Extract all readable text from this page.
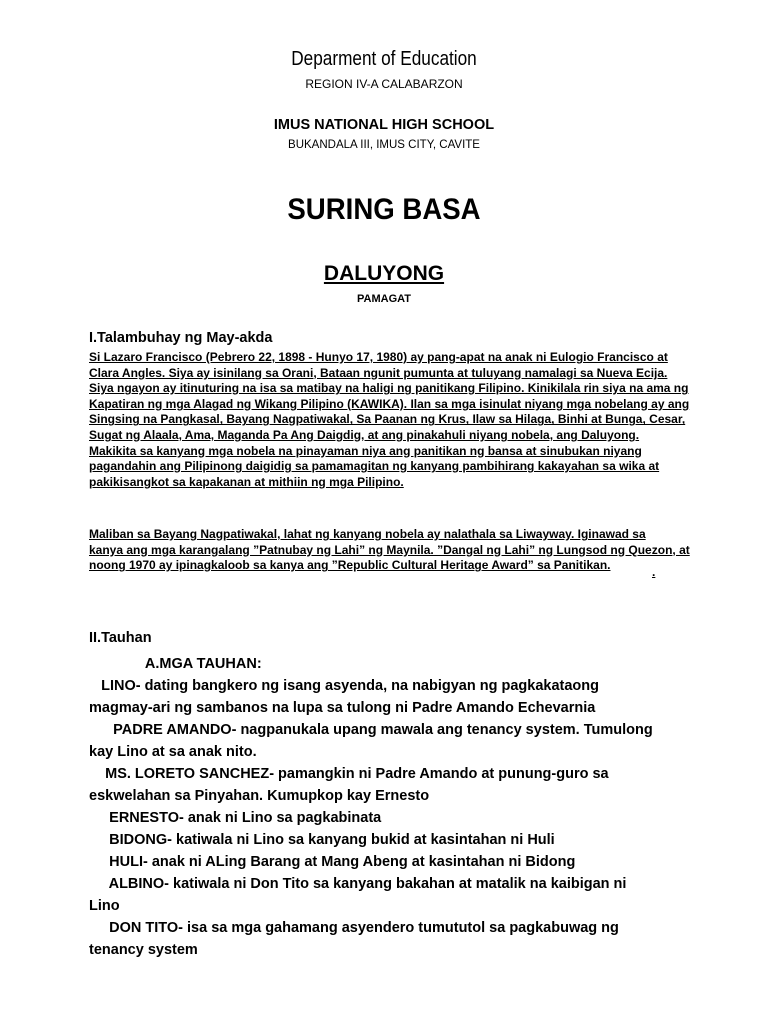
Deparment of Education
REGION IV-A CALABARZON
IMUS NATIONAL HIGH SCHOOL
BUKANDALA III, IMUS CITY, CAVITE
SURING BASA
DALUYONG
PAMAGAT
I.Talambuhay ng May-akda
Si Lazaro Francisco (Pebrero 22, 1898 - Hunyo 17, 1980) ay pang-apat na anak ni Eulogio Francisco at
Clara Angles. Siya ay isinilang sa Orani, Bataan ngunit pumunta at tuluyang namalagi sa Nueva Ecija.
Siya ngayon ay itinuturing na isa sa matibay na haligi ng panitikang Filipino. Kinikilala rin siya na ama ng
Kapatiran ng mga Alagad ng Wikang Pilipino (KAWIKA). Ilan sa mga isinulat niyang mga nobelang ay ang
Singsing na Pangkasal, Bayang Nagpatiwakal, Sa Paanan ng Krus, Ilaw sa Hilaga, Binhi at Bunga, Cesar,
Sugat ng Alaala, Ama, Maganda Pa Ang Daigdig, at ang pinakahuli niyang nobela, ang Daluyong.
Makikita sa kanyang mga nobela na pinayaman niya ang panitikan ng bansa at sinubukan niyang
pagandahin ang Pilipinong daigidig sa pamamagitan ng kanyang pambihirang kakayahan sa wika at
pakikisangkot sa kapakanan at mithiin ng mga Pilipino.
Maliban sa Bayang Nagpatiwakal, lahat ng kanyang nobela ay nalathala sa Liwayway. Iginawad sa
kanya ang mga karangalang ”Patnubay ng Lahi” ng Maynila. ”Dangal ng Lahi” ng Lungsod ng Quezon, at
noong 1970 ay ipinagkaloob sa kanya ang ”Republic Cultural Heritage Award” sa Panitikan.	.
II.Tauhan
A.MGA TAUHAN:
LINO- dating bangkero ng isang asyenda, na nabigyan ng pagkakataong
magmay-ari ng sambanos na lupa sa tulong ni Padre Amando Echevarnia
PADRE AMANDO- nagpanukala upang mawala ang tenancy system. Tumulong
kay Lino at sa anak nito.
MS. LORETO SANCHEZ- pamangkin ni Padre Amando at punung-guro sa
eskwelahan sa Pinyahan. Kumupkop kay Ernesto
ERNESTO- anak ni Lino sa pagkabinata
BIDONG- katiwala ni Lino sa kanyang bukid at kasintahan ni Huli
HULI- anak ni ALing Barang at Mang Abeng at kasintahan ni Bidong
ALBINO- katiwala ni Don Tito sa kanyang bakahan at matalik na kaibigan ni
Lino
DON TITO- isa sa mga gahamang asyendero tumututol sa pagkabuwag ng
tenancy system
